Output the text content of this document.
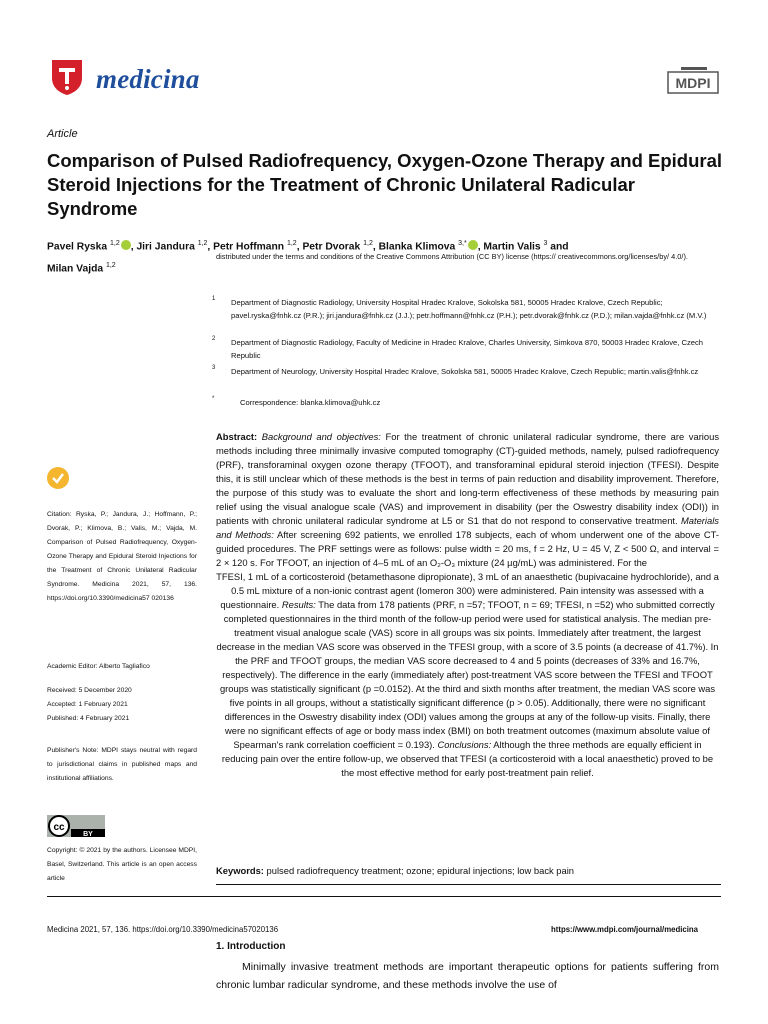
medicina	MDPI
Article
Comparison of Pulsed Radiofrequency, Oxygen-Ozone Therapy and Epidural Steroid Injections for the Treatment of Chronic Unilateral Radicular Syndrome
Pavel Ryska $^{1,2}$ , Jiri Jandura $^{1,2}$, Petr Hoffmann $^{1,2}$, Petr Dvorak $^{1,2}$, Blanka Klimova $^{3,*}$ , Martin Valis $^3$ and
Milan Vajda $^{1,2}$
distributed under the terms and conditions of the Creative Commons Attribution (CC BY) license (https:// creativecommons.org/licenses/by/ 4.0/).
1 Department of Diagnostic Radiology, University Hospital Hradec Kralove, Sokolska 581, 50005 Hradec Kralove, Czech Republic; pavel.ryska@fnhk.cz (P.R.); jiri.jandura@fnhk.cz (J.J.); petr.hoffmann@fnhk.cz (P.H.); petr.dvorak@fnhk.cz (P.D.); milan.vajda@fnhk.cz (M.V.)
2 Department of Diagnostic Radiology, Faculty of Medicine in Hradec Kralove, Charles University, Simkova 870, 50003 Hradec Kralove, Czech Republic
3 Department of Neurology, University Hospital Hradec Kralove, Sokolska 581, 50005 Hradec Kralove, Czech Republic; martin.valis@fnhk.cz
*	Correspondence: blanka.klimova@uhk.cz
Citation: Ryska, P.; Jandura, J.; Hoffmann, P.; Dvorak, P.; Klimova, B.; Valis, M.; Vajda, M. Comparison of Pulsed Radiofrequency, Oxygen-Ozone Therapy and Epidural Steroid Injections for the Treatment of Chronic Unilateral Radicular Syndrome. Medicina 2021, 57, 136. https://doi.org/10.3390/medicina57 020136
Academic Editor: Alberto Tagliafico
Received: 5 December 2020
Accepted: 1 February 2021
Published: 4 February 2021
Publisher's Note: MDPI stays neutral with regard to jurisdictional claims in published maps and institutional affiliations.
cc
BY
Copyright: © 2021 by the authors. Licensee MDPI, Basel, Switzerland. This article is an open access article

Abstract: Background and objectives: For the treatment of chronic unilateral radicular syndrome, there are various methods including three minimally invasive computed tomography (CT)-guided methods, namely, pulsed radiofrequency (PRF), transforaminal oxygen ozone therapy (TFOOT), and transforaminal epidural steroid injection (TFESI). Despite this, it is still unclear which of these methods is the best in terms of pain reduction and disability improvement. Therefore, the purpose of this study was to evaluate the short and long-term effectiveness of these methods by measuring pain relief using the visual analogue scale (VAS) and improvement in disability (per the Oswestry disability index (ODI)) in patients with chronic unilateral radicular syndrome at L5 or S1 that do not respond to conservative treatment. Materials and Methods: After screening 692 patients, we enrolled 178 subjects, each of whom underwent one of the above CT-guided procedures. The PRF settings were as follows: pulse width = 20 ms, f = 2 Hz, U = 45 V, Z < 500 Ω, and interval = 2 × 120 s. For TFOOT, an injection of 4–5 mL of an O₂-O₃ mixture (24 µg/mL) was administered. For the

TFESI, 1 mL of a corticosteroid (betamethasone dipropionate), 3 mL of an anaesthetic (bupivacaine hydrochloride), and a 0.5 mL mixture of a non-ionic contrast agent (Iomeron 300) were administered. Pain intensity was assessed with a questionnaire. Results: The data from 178 patients (PRF, n =57; TFOOT, n = 69; TFESI, n =52) who submitted correctly completed questionnaires in the third month of the follow-up period were used for statistical analysis. The median pre-treatment visual analogue scale (VAS) score in all groups was six points. Immediately after treatment, the largest decrease in the median VAS score was observed in the TFESI group, with a score of 3.5 points (a decrease of 41.7%). In the PRF and TFOOT groups, the median VAS score decreased to 4 and 5 points (decreases of 33% and 16.7%, respectively). The difference in the early (immediately after) post-treatment VAS score between the TFESI and TFOOT groups was statistically significant (p =0.0152). At the third and sixth months after treatment, the median VAS score was five points in all groups, without a statistically significant difference (p > 0.05). Additionally, there were no significant differences in the Oswestry disability index (ODI) values among the groups at any of the follow-up visits. Finally, there were no significant effects of age or body mass index (BMI) on both treatment outcomes (maximum absolute value of Spearman's rank correlation coefficient = 0.193). Conclusions: Although the three methods are equally efficient in reducing pain over the entire follow-up, we observed that TFESI (a corticosteroid with a local anaesthetic) proved to be the most effective method for early post-treatment pain relief.

Keywords: pulsed radiofrequency treatment; ozone; epidural injections; low back pain
Medicina 2021, 57, 136. https://doi.org/10.3390/medicina57020136	https://www.mdpi.com/journal/medicina
1. Introduction
Minimally invasive treatment methods are important therapeutic options for patients suffering from chronic lumbar radicular syndrome, and these methods involve the use of
